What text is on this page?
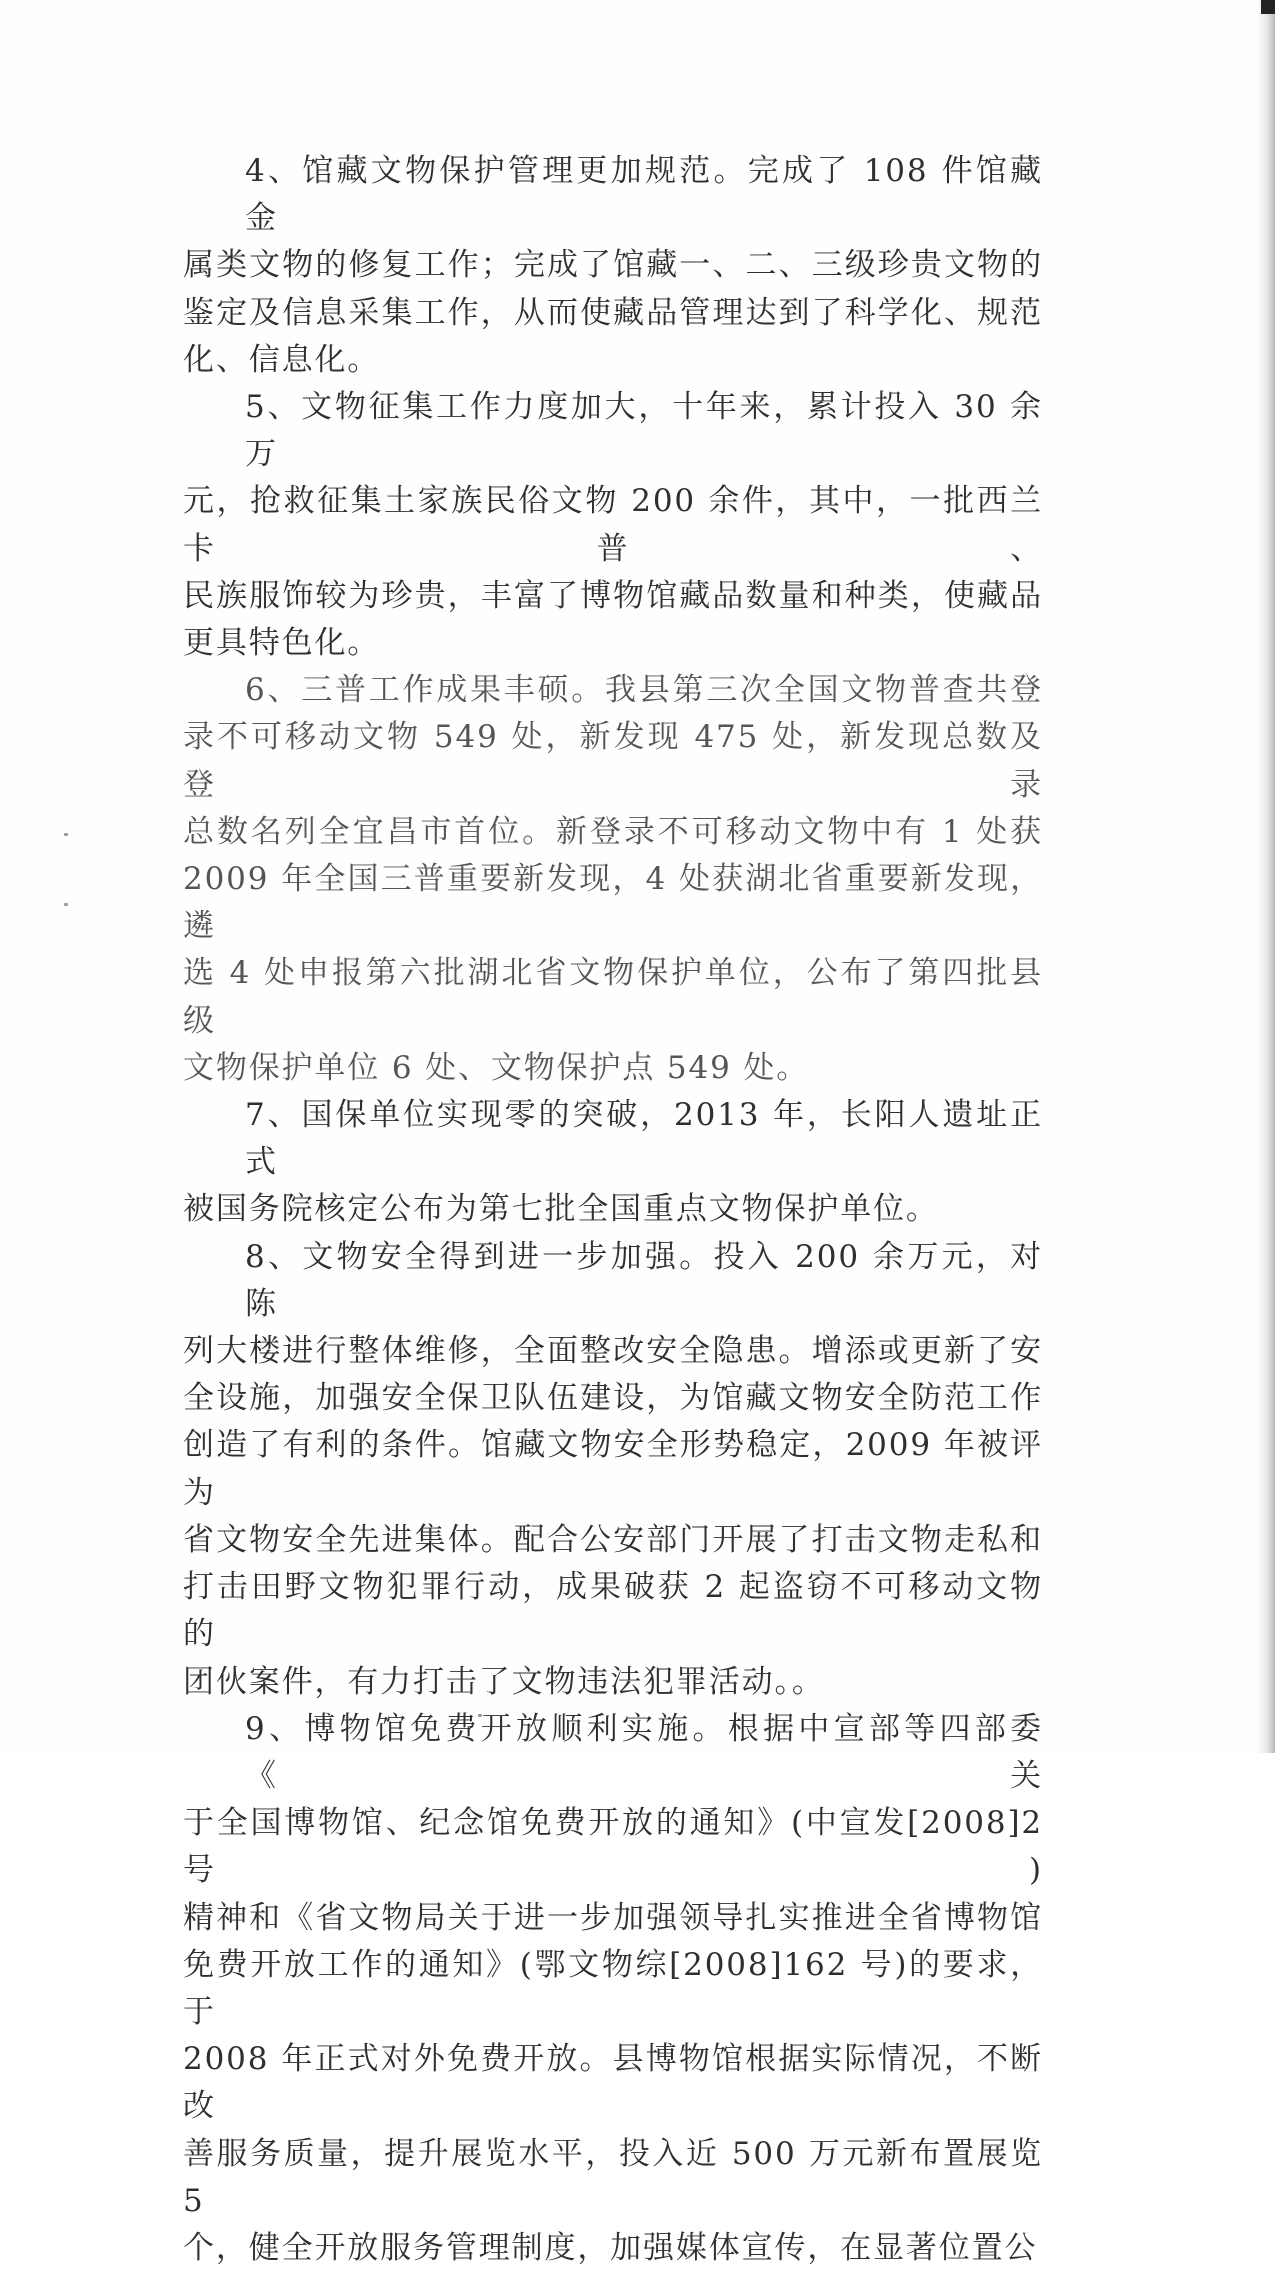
4、馆藏文物保护管理更加规范。完成了 108 件馆藏金
属类文物的修复工作；完成了馆藏一、二、三级珍贵文物的
鉴定及信息采集工作，从而使藏品管理达到了科学化、规范
化、信息化。
5、文物征集工作力度加大，十年来，累计投入 30 余万
元，抢救征集土家族民俗文物 200 余件，其中，一批西兰卡普、
民族服饰较为珍贵，丰富了博物馆藏品数量和种类，使藏品
更具特色化。
6、三普工作成果丰硕。我县第三次全国文物普查共登
录不可移动文物 549 处，新发现 475 处，新发现总数及登录
总数名列全宜昌市首位。新登录不可移动文物中有 1 处获
2009 年全国三普重要新发现，4 处获湖北省重要新发现，遴
选 4 处申报第六批湖北省文物保护单位，公布了第四批县级
文物保护单位 6 处、文物保护点 549 处。
7、国保单位实现零的突破，2013 年，长阳人遗址正式
被国务院核定公布为第七批全国重点文物保护单位。
8、文物安全得到进一步加强。投入 200 余万元，对陈
列大楼进行整体维修，全面整改安全隐患。增添或更新了安
全设施，加强安全保卫队伍建设，为馆藏文物安全防范工作
创造了有利的条件。馆藏文物安全形势稳定，2009 年被评为
省文物安全先进集体。配合公安部门开展了打击文物走私和
打击田野文物犯罪行动，成果破获 2 起盗窃不可移动文物的
团伙案件，有力打击了文物违法犯罪活动。。
9、博物馆免费开放顺利实施。根据中宣部等四部委《关
于全国博物馆、纪念馆免费开放的通知》(中宣发[2008]2 号)
精神和《省文物局关于进一步加强领导扎实推进全省博物馆
免费开放工作的通知》(鄂文物综[2008]162 号)的要求，于
2008 年正式对外免费开放。县博物馆根据实际情况，不断改
善服务质量，提升展览水平，投入近 500 万元新布置展览 5
个，健全开放服务管理制度，加强媒体宣传，在显著位置公
